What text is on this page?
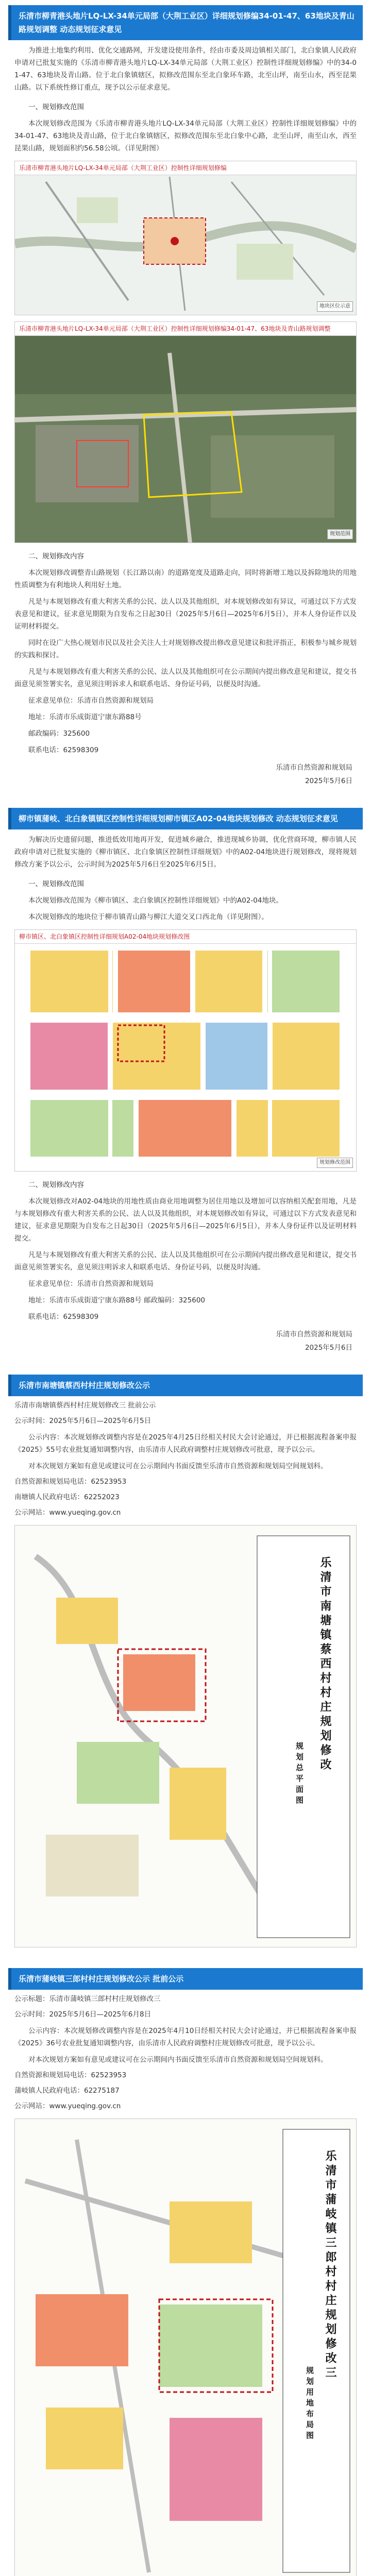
乐清市柳青港头地片LQ-LX-34单元局部（大荆工业区）详细规划修编34-01-47、63地块及青山路规划调整 动态规划征求意见

为推进土地集约利用、优化交通路网，开发建设使用条件，经由市委及周边镇相关部门，北白象镇人民政府申请对已批复实施的《乐清市柳青港头地片LQ-LX-34单元局部（大荆工业区）控制性详细规划修编》中的34-01-47、63地块及青山路。位于北白象镇辖区，拟修改范围东至北白象环车路，北至山坪，南至山水，西至昆果山路。以下系统性修订重点，现予以公示征求意见。

一、规划修改范围

本次规划修改范围为《乐清市柳青港头地片LQ-LX-34单元局部（大荆工业区）控制性详细规划修编》中的34-01-47、63地块及青山路，位于北白象镇辖区，拟修改范围东至北白象中心路，北至山坪，南至山水，西至昆果山路，规划面积约56.58公顷。（详见附图）

乐清市柳青港头地片LQ-LX-34单元局部（大荆工业区）控制性详细规划修编
地块区位示意
乐清市柳青港头地片LQ-LX-34单元局部（大荆工业区）控制性详细规划修编34-01-47、63地块及青山路规划调整
规划范围

二、规划修改内容

本次规划修改调整青山路规划（长江路以南）的道路宽度及道路走向，同时将新增工地以及拆除地块的用地性质调整为有利地块人利用好土地。

凡是与本规划修改有重大利害关系的公民、法人以及其他组织，对本规划修改如有异议，可通过以下方式发表意见和建议，征求意见期限为自发布之日起30日（2025年5月6日—2025年6月5日），并本人身份证件以及证明材料提交。

同时在设广大热心规划市民以及社会关注人士对规划修改提出修改意见建议和批评指正，积极参与城乡规划的实践和探讨。

凡是与本规划修改有重大利害关系的公民、法人以及其他组织可在公示期间内提出修改意见和建议，提交书面意见须签署实名，意见须注明诉求人和联系电话、身份证号码，以便及时沟通。

征求意见单位：乐清市自然资源和规划局

地址：乐清市乐成街道宁康东路88号

邮政编码：325600

联系电话：62598309

乐清市自然资源和规划局

2025年5月6日

柳市镇蒲岐、北白象镇镇区控制性详细规划柳市镇区A02-04地块规划修改 动态规划征求意见

为解决历史遗留问题，推进低效用地再开发，促进城乡融合，推进现城乡协调，优化营商环境，柳市镇人民政府申请对已批复实施的《柳市镇区、北白象镇区控制性详细规划》中的A02-04地块进行规划修改，现将规划修改方案予以公示，公示时间为2025年5月6日至2025年6月5日。

一、规划修改范围

本次规划修改范围为《柳市镇区、北白象镇区控制性详细规划》中的A02-04地块。

本次规划修改的地块位于柳市镇青山路与柳江大道交叉口西北角（详见附图）。

柳市镇区、北白象镇区控制性详细规划A02-04地块规划修改图
规划修改范围

二、规划修改内容

本次规划修改对A02-04地块的用地性质由商业用地调整为居住用地以及增加可以容纳相关配套用地，凡是与本规划修改有重大利害关系的公民、法人以及其他组织，对本规划修改如有异议，可通过以下方式发表意见和建议，征求意见期限为自发布之日起30日（2025年5月6日—2025年6月5日），并本人身份证件以及证明材料提交。

凡是与本规划修改有重大利害关系的公民、法人以及其他组织可在公示期间内提出修改意见和建议，提交书面意见须签署实名，意见须注明诉求人和联系电话、身份证号码，以便及时沟通。

征求意见单位：乐清市自然资源和规划局

地址：乐清市乐成街道宁康东路88号 邮政编码：325600

联系电话：62598309

乐清市自然资源和规划局

2025年5月6日

乐清市南塘镇蔡西村村庄规划修改公示

乐清市南塘镇蔡西村村庄规划修改三 批前公示

公示时间：2025年5月6日—2025年6月5日

公示内容：本次规划修改调整内容是在2025年4月25日经相关村民大会讨论通过，并已根据流程备案申报《2025》55号农业批复通知调整内容，由乐清市人民政府调整村庄规划修改可批意，现予以公示。

对本次规划方案如有意见或建议可在公示期间内书面反馈至乐清市自然资源和规划局空间规划科。

自然资源和规划局电话：62523953

南塘镇人民政府电话：62252023

公示网站：www.yueqing.gov.cn

乐清市南塘镇蔡西村村庄规划修改
规划总平面图
乐清市蒲岐镇三郎村村庄规划修改公示 批前公示

公示标题：乐清市蒲岐镇三郎村村庄规划修改三

公示时间：2025年5月6日—2025年6月8日

公示内容：本次规划修改调整内容是在2025年4月10日经相关村民大会讨论通过，并已根据流程备案申报《2025》36号农业批复通知调整内容，由乐清市人民政府调整村庄规划修改可批意，现予以公示。

对本次规划方案如有意见或建议可在公示期间内书面反馈至乐清市自然资源和规划局空间规划科。

自然资源和规划局电话：62523953

蒲岐镇人民政府电话：62275187

公示网站：www.yueqing.gov.cn

乐清市蒲岐镇三郎村村庄规划修改三
规划用地布局图
